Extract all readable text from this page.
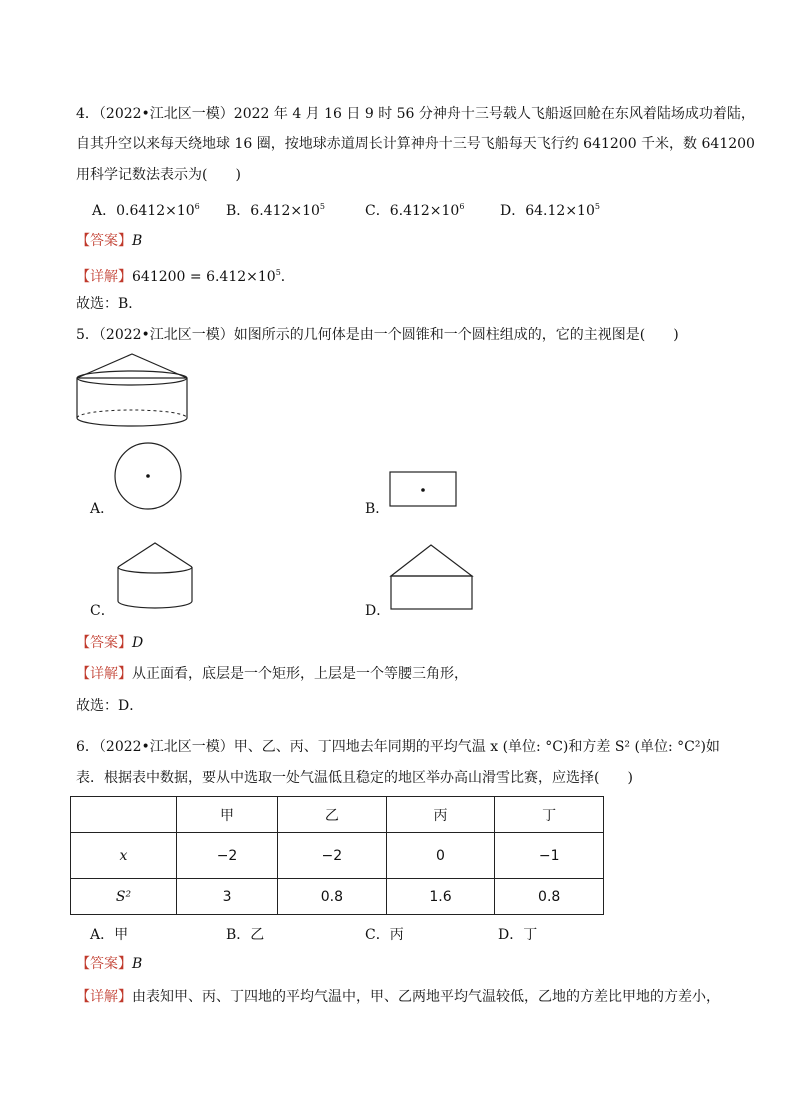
4．（2022•江北区一模）2022 年 4 月 16 日 9 时 56 分神舟十三号载人飞船返回舱在东风着陆场成功着陆，
自其升空以来每天绕地球 16 圈，按地球赤道周长计算神舟十三号飞船每天飞行约 641200 千米，数 641200
用科学记数法表示为(　　)
A．$0.6412\times 10^6$ B．$6.412\times 10^5$	C．$6.412\times 10^6$	D．$64.12\times 10^5$
【答案】B
【详解】$641200 = 6.412\times 10^5$．
故选：B．
5．（2022•江北区一模）如图所示的几何体是由一个圆锥和一个圆柱组成的，它的主视图是(　　)
A．	B．
C．	D．
【答案】D
【详解】从正面看，底层是一个矩形，上层是一个等腰三角形，
故选：D．
6．（2022•江北区一模）甲、乙、丙、丁四地去年同期的平均气温 x (单位: °C)和方差 S² (单位: °C²)如
表．根据表中数据，要从中选取一处气温低且稳定的地区举办高山滑雪比赛，应选择(　　)
	甲	乙	丙	丁
x	−2	−2	0	−1
S²	3	0.8	1.6	0.8
A．甲	B．乙	C．丙	D．丁
【答案】B
【详解】由表知甲、丙、丁四地的平均气温中，甲、乙两地平均气温较低，乙地的方差比甲地的方差小，
